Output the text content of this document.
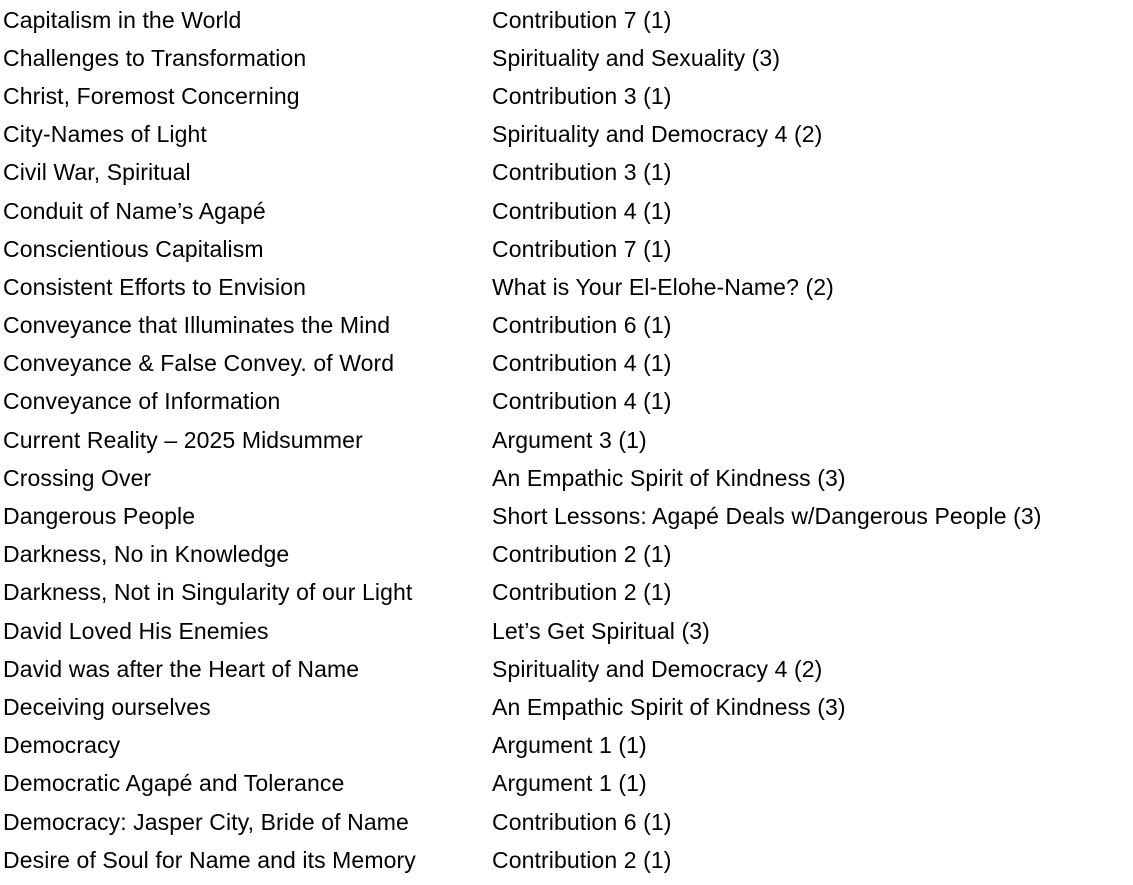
Capitalism in the World	Contribution 7 (1)
Challenges to Transformation	Spirituality and Sexuality (3)
Christ, Foremost Concerning	Contribution 3 (1)
City-Names of Light	Spirituality and Democracy 4 (2)
Civil War, Spiritual	Contribution 3 (1)
Conduit of Name’s Agapé	Contribution 4 (1)
Conscientious Capitalism	Contribution 7 (1)
Consistent Efforts to Envision	What is Your El-Elohe-Name? (2)
Conveyance that Illuminates the Mind	Contribution 6 (1)
Conveyance & False Convey. of Word	Contribution 4 (1)
Conveyance of Information	Contribution 4 (1)
Current Reality – 2025 Midsummer	Argument 3 (1)
Crossing Over	An Empathic Spirit of Kindness (3)
Dangerous People	Short Lessons: Agapé Deals w/Dangerous People (3)
Darkness, No in Knowledge	Contribution 2 (1)
Darkness, Not in Singularity of our Light	Contribution 2 (1)
David Loved His Enemies	Let’s Get Spiritual (3)
David was after the Heart of Name	Spirituality and Democracy 4 (2)
Deceiving ourselves	An Empathic Spirit of Kindness (3)
Democracy	Argument 1 (1)
Democratic Agapé and Tolerance	Argument 1 (1)
Democracy: Jasper City, Bride of Name	Contribution 6 (1)
Desire of Soul for Name and its Memory	Contribution 2 (1)
